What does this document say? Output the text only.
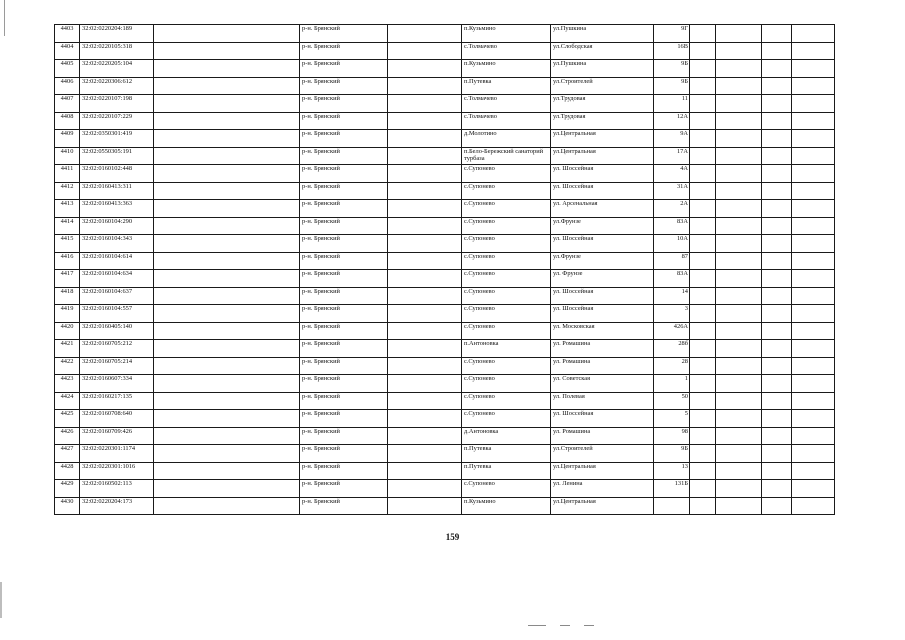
4403	32:02:0220204:189		р-н. Брянский		п.Кузьмино	ул.Пушкина	9Г				
4404	32:02:0220105:318		р-н. Брянский		с.Толмачево	ул.Слободская	16В				
4405	32:02:0220205:104		р-н. Брянский		п.Кузьмино	ул.Пушкина	9Б				
4406	32:02:0220306:612		р-н. Брянский		п.Путевка	ул.Строителей	9Б				
4407	32:02:0220107:198		р-н. Брянский		с.Толмачево	ул.Трудовая	11				
4408	32:02:0220107:229		р-н. Брянский		с.Толмачево	ул.Трудовая	12А				
4409	32:02:0350301:419		р-н. Брянский		д.Молотино	ул.Центральная	9А				
4410	32:02:0550305:191		р-н. Брянский		п.Бело-Бережский санаторий турбаза	ул.Центральная	17А				
4411	32:02:0160102:448		р-н. Брянский		с.Супонево	ул. Шоссейная	4А				
4412	32:02:0160413:311		р-н. Брянский		с.Супонево	ул. Шоссейная	31А				
4413	32:02:0160413:363		р-н. Брянский		с.Супонево	ул. Арсенальная	2А				
4414	32:02:0160104:290		р-н. Брянский		с.Супонево	ул.Фрунзе	83А				
4415	32:02:0160104:343		р-н. Брянский		с.Супонево	ул. Шоссейная	10А				
4416	32:02:0160104:614		р-н. Брянский		с.Супонево	ул.Фрунзе	87				
4417	32:02:0160104:634		р-н. Брянский		с.Супонево	ул. Фрунзе	83А				
4418	32:02:0160104:637		р-н. Брянский		с.Супонево	ул. Шоссейная	14				
4419	32:02:0160104:557		р-н. Брянский		с.Супонево	ул. Шоссейная	3				
4420	32:02:0160405:140		р-н. Брянский		с.Супонево	ул. Московская	426А				
4421	32:02:0160705:212		р-н. Брянский		п.Антоновка	ул. Ромашина	28б				
4422	32:02:0160705:214		р-н. Брянский		с.Супонево	ул. Ромашина	28				
4423	32:02:0160607:334		р-н. Брянский		с.Супонево	ул. Советская	1				
4424	32:02:0160217:135		р-н. Брянский		с.Супонево	ул. Полевая	50				
4425	32:02:0160708:640		р-н. Брянский		с.Супонево	ул. Шоссейная	5				
4426	32:02:0160709:426		р-н. Брянский		д.Антоновка	ул. Ромашина	98				
4427	32:02:0220301:1174		р-н. Брянский		п.Путевка	ул.Строителей	9Б				
4428	32:02:0220301:1016		р-н. Брянский		п.Путевка	ул.Центральная	13				
4429	32:02:0160502:113		р-н. Брянский		с.Супонево	ул. Ленина	131Б				
4430	32:02:0220204:173		р-н. Брянский		п.Кузьмино	ул.Центральная					
159
